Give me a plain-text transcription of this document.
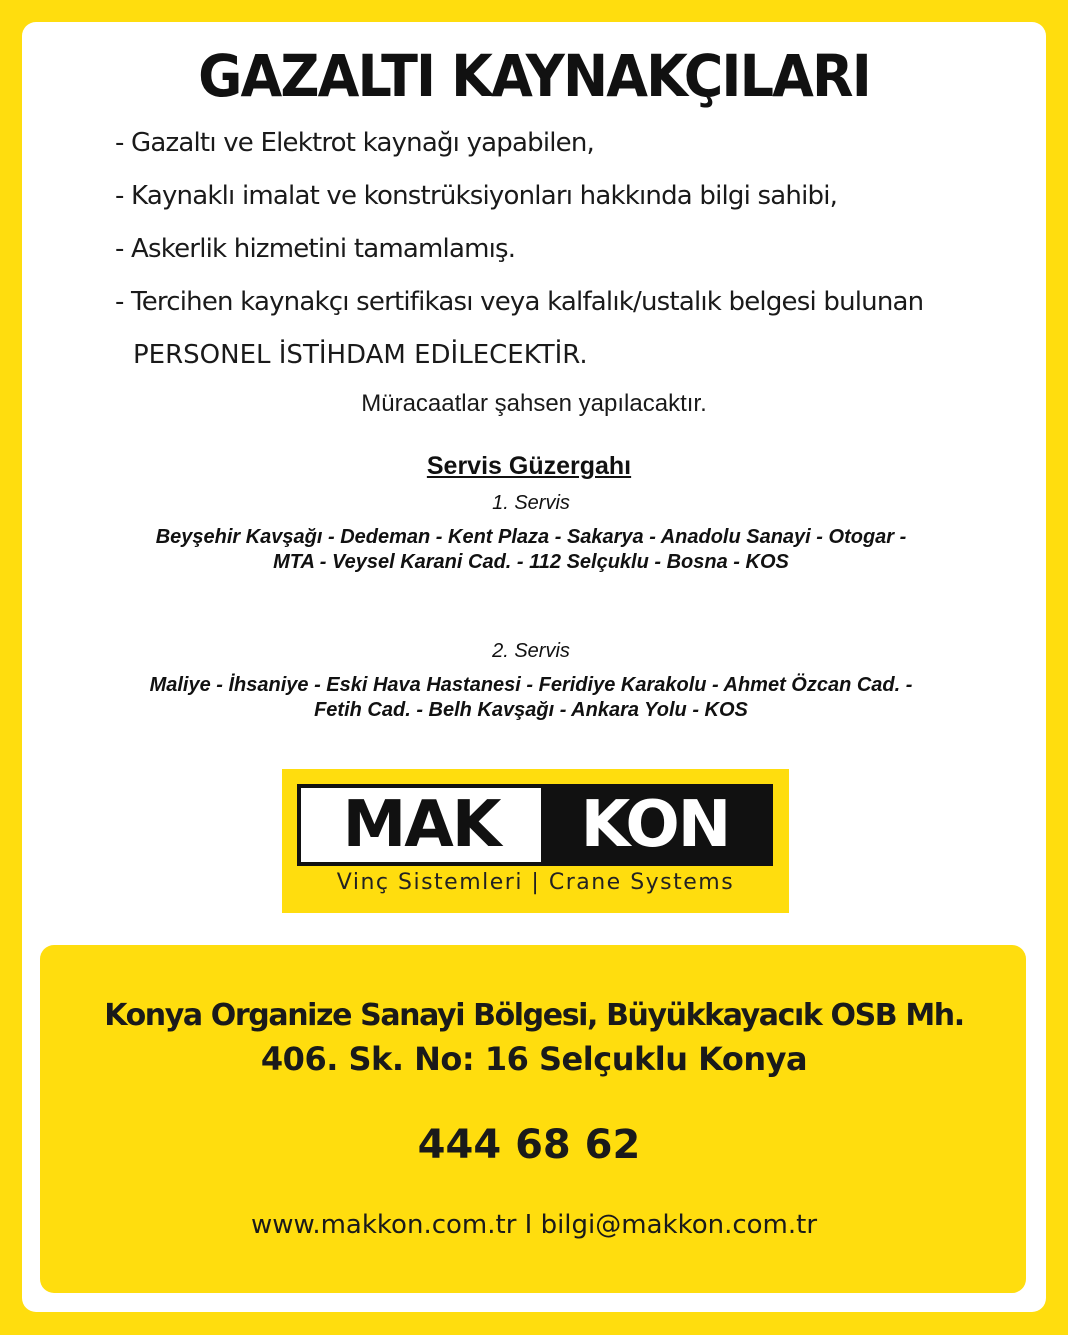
GAZALTI KAYNAKÇILARI

- Gazaltı ve Elektrot kaynağı yapabilen,

- Kaynaklı imalat ve konstrüksiyonları hakkında bilgi sahibi,

- Askerlik hizmetini tamamlamış.

- Tercihen kaynakçı sertifikası veya kalfalık/ustalık belgesi bulunan

PERSONEL İSTİHDAM EDİLECEKTİR.

Müracaatlar şahsen yapılacaktır.

Servis Güzergahı

1. Servis

Beyşehir Kavşağı - Dedeman - Kent Plaza - Sakarya - Anadolu Sanayi - Otogar -

MTA - Veysel Karani Cad. - 112 Selçuklu - Bosna - KOS

2. Servis

Maliye - İhsaniye - Eski Hava Hastanesi - Feridiye Karakolu - Ahmet Özcan Cad. -

Fetih Cad. - Belh Kavşağı - Ankara Yolu - KOS

MAK	KON

Vinç Sistemleri | Crane Systems

Konya Organize Sanayi Bölgesi, Büyükkayacık OSB Mh.

406. Sk. No: 16 Selçuklu Konya

444 68 62

www.makkon.com.tr I bilgi@makkon.com.tr
